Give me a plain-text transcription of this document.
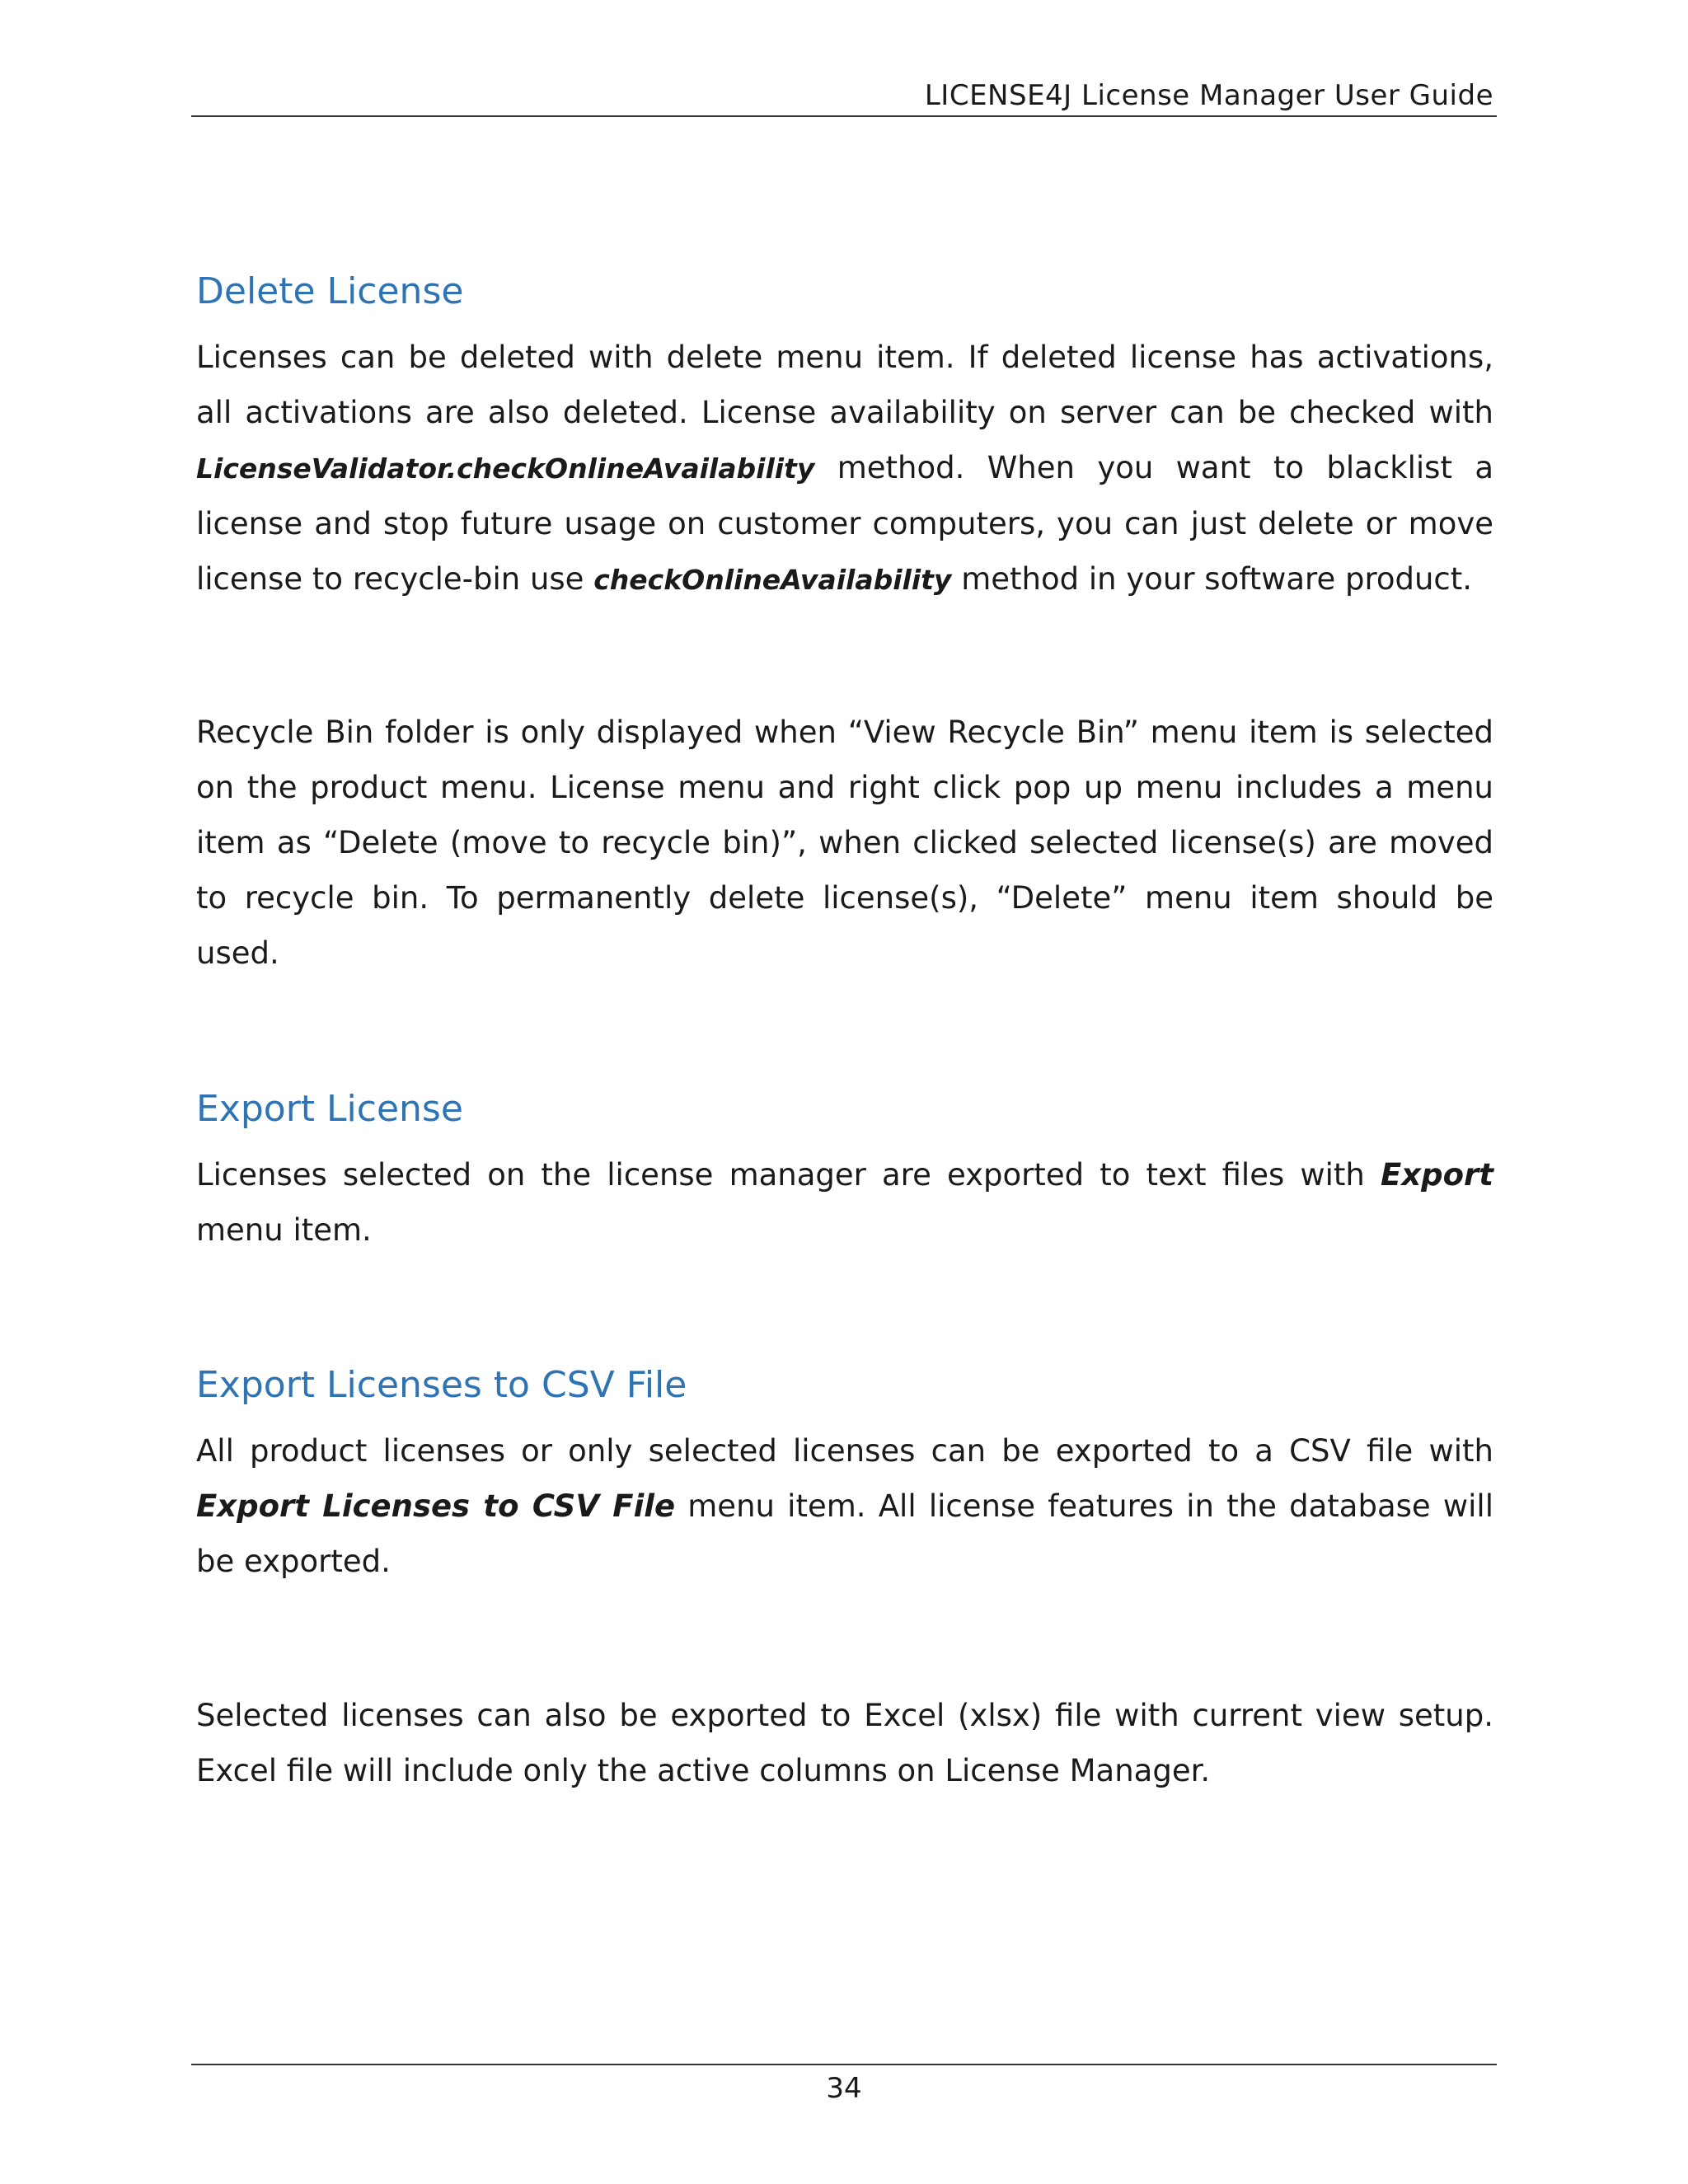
LICENSE4J License Manager User Guide
Delete License

Licenses can be deleted with delete menu item. If deleted license has activations, all activations are also deleted. License availability on server can be checked with LicenseValidator.checkOnlineAvailability method. When you want to blacklist a license and stop future usage on customer computers, you can just delete or move license to recycle-bin use checkOnlineAvailability method in your software product.

Recycle Bin folder is only displayed when “View Recycle Bin” menu item is selected on the product menu. License menu and right click pop up menu includes a menu item as “Delete (move to recycle bin)”, when clicked selected license(s) are moved to recycle bin. To permanently delete license(s), “Delete” menu item should be used.

Export License

Licenses selected on the license manager are exported to text files with Export menu item.

Export Licenses to CSV File

All product licenses or only selected licenses can be exported to a CSV file with Export Licenses to CSV File menu item. All license features in the database will be exported.

Selected licenses can also be exported to Excel (xlsx) file with current view setup. Excel file will include only the active columns on License Manager.

34
